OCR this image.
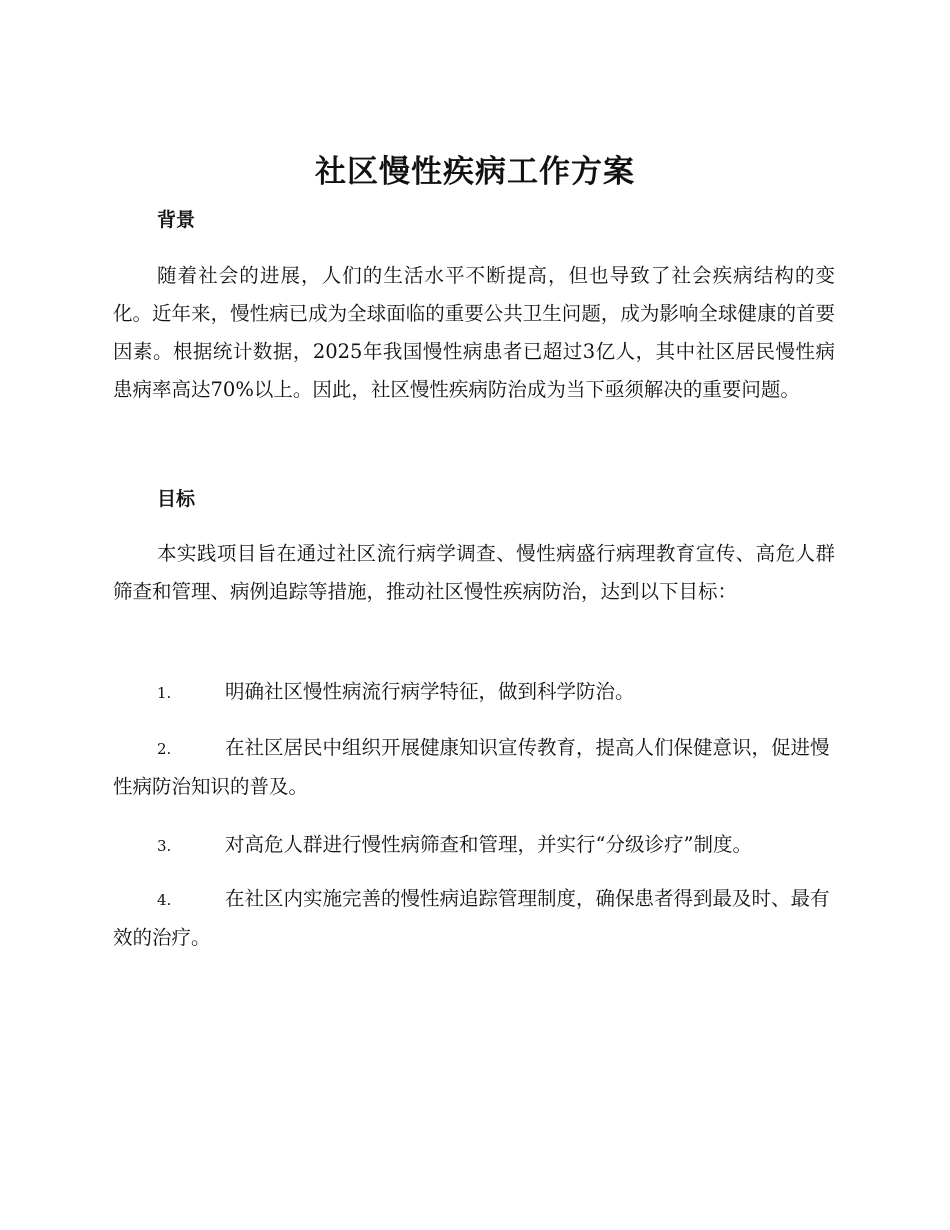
社区慢性疾病工作方案
背景

随着社会的进展，人们的生活水平不断提高，但也导致了社会疾病结构的变化。近年来，慢性病已成为全球面临的重要公共卫生问题，成为影响全球健康的首要因素。根据统计数据，2025年我国慢性病患者已超过3亿人，其中社区居民慢性病患病率高达70%以上。因此，社区慢性疾病防治成为当下亟须解决的重要问题。

目标

本实践项目旨在通过社区流行病学调查、慢性病盛行病理教育宣传、高危人群筛查和管理、病例追踪等措施，推动社区慢性疾病防治，达到以下目标：

1.	明确社区慢性病流行病学特征，做到科学防治。

2.	在社区居民中组织开展健康知识宣传教育，提高人们保健意识，促进慢性病防治知识的普及。

3.	对高危人群进行慢性病筛查和管理，并实行“分级诊疗”制度。

4.	在社区内实施完善的慢性病追踪管理制度，确保患者得到最及时、最有效的治疗。
